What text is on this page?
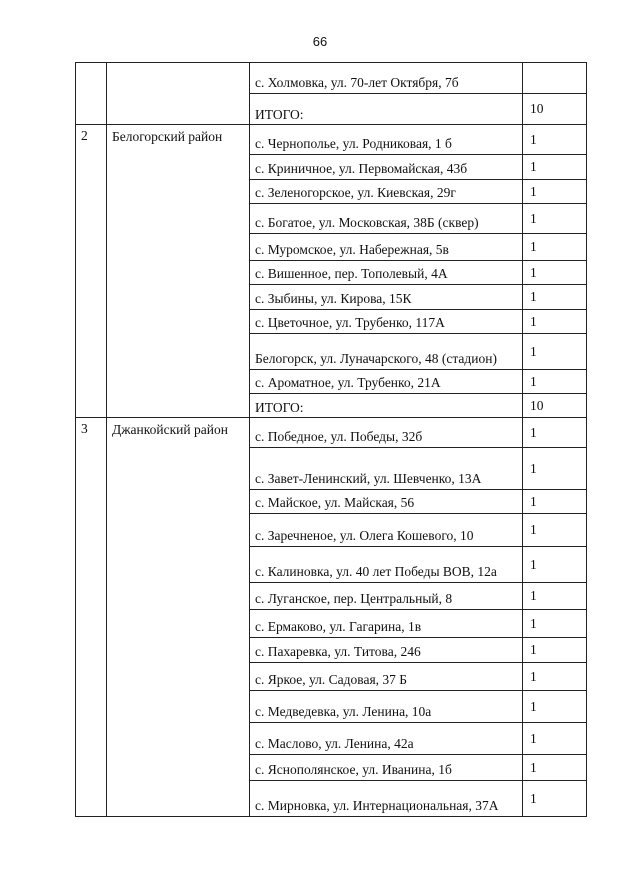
66
		с. Холмовка, ул. 70-лет Октября, 7б	
		ИТОГО:	10
2	Белогорский район	с. Чернополье, ул. Родниковая, 1 б	1
		с. Криничное, ул. Первомайская, 43б	1
		с. Зеленогорское, ул. Киевская, 29г	1
		с. Богатое, ул. Московская, 38Б (сквер)	1
		с. Муромское, ул. Набережная, 5в	1
		с. Вишенное, пер. Тополевый, 4А	1
		с. Зыбины, ул. Кирова, 15К	1
		с. Цветочное, ул. Трубенко, 117А	1
		Белогорск, ул. Луначарского, 48 (стадион)	1
		с. Ароматное, ул. Трубенко, 21А	1
		ИТОГО:	10
3	Джанкойский район	с. Победное, ул. Победы, 32б	1
		с. Завет-Ленинский, ул. Шевченко, 13А	1
		с. Майское, ул. Майская, 56	1
		с. Заречненое, ул. Олега Кошевого, 10	1
		с. Калиновка, ул. 40 лет Победы ВОВ, 12а	1
		с. Луганское, пер. Центральный, 8	1
		с. Ермаково, ул. Гагарина, 1в	1
		с. Пахаревка, ул. Титова, 246	1
		с. Яркое, ул. Садовая, 37 Б	1
		с. Медведевка, ул. Ленина, 10а	1
		с. Маслово, ул. Ленина, 42а	1
		с. Яснополянское, ул. Иванина, 1б	1
		с. Мирновка, ул. Интернациональная, 37А	1
